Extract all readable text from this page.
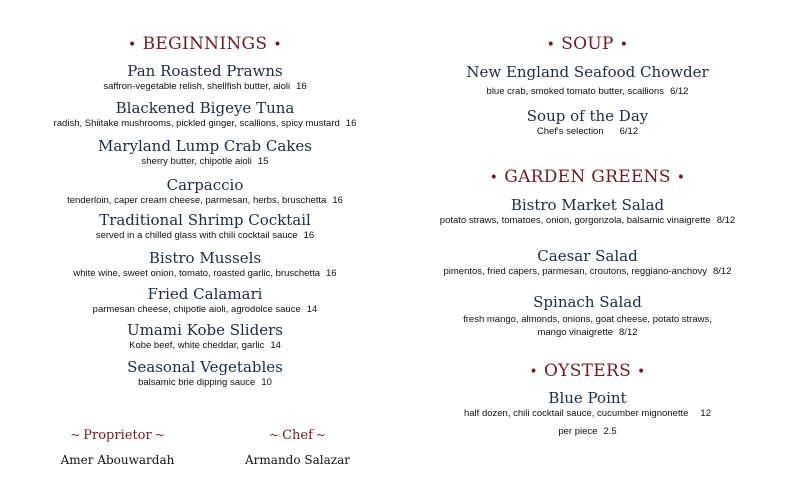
• BEGINNINGS •
Pan Roasted Prawns
saffron-vegetable relish, shellfish butter, aioli 16
Blackened Bigeye Tuna
radish, Shiitake mushrooms, pickled ginger, scallions, spicy mustard 16
Maryland Lump Crab Cakes
sherry butter, chipotle aioli 15
Carpaccio
tenderloin, caper cream cheese, parmesan, herbs, bruschetta 16
Traditional Shrimp Cocktail
served in a chilled glass with chili cocktail sauce 16
Bistro Mussels
white wine, sweet onion, tomato, roasted garlic, bruschetta 16
Fried Calamari
parmesan cheese, chipotle aioli, agrodolce sauce 14
Umami Kobe Sliders
Kobe beef, white cheddar, garlic 14
Seasonal Vegetables
balsamic brie dipping sauce 10
~ Proprietor ~
Amer Abouwardah
~ Chef ~
Armando Salazar
• SOUP •
New England Seafood Chowder
blue crab, smoked tomato butter, scallions 6/12
Soup of the Day
Chef's selection 6/12
• GARDEN GREENS •
Bistro Market Salad
potato straws, tomatoes, onion, gorgonzola, balsamic vinaigrette 8/12
Caesar Salad
pimentos, fried capers, parmesan, croutons, reggiano-anchovy 8/12
Spinach Salad
fresh mango, almonds, onions, goat cheese, potato straws,
mango vinaigrette 8/12
• OYSTERS •
Blue Point
half dozen, chili cocktail sauce, cucumber mignonette 12
per piece 2.5
